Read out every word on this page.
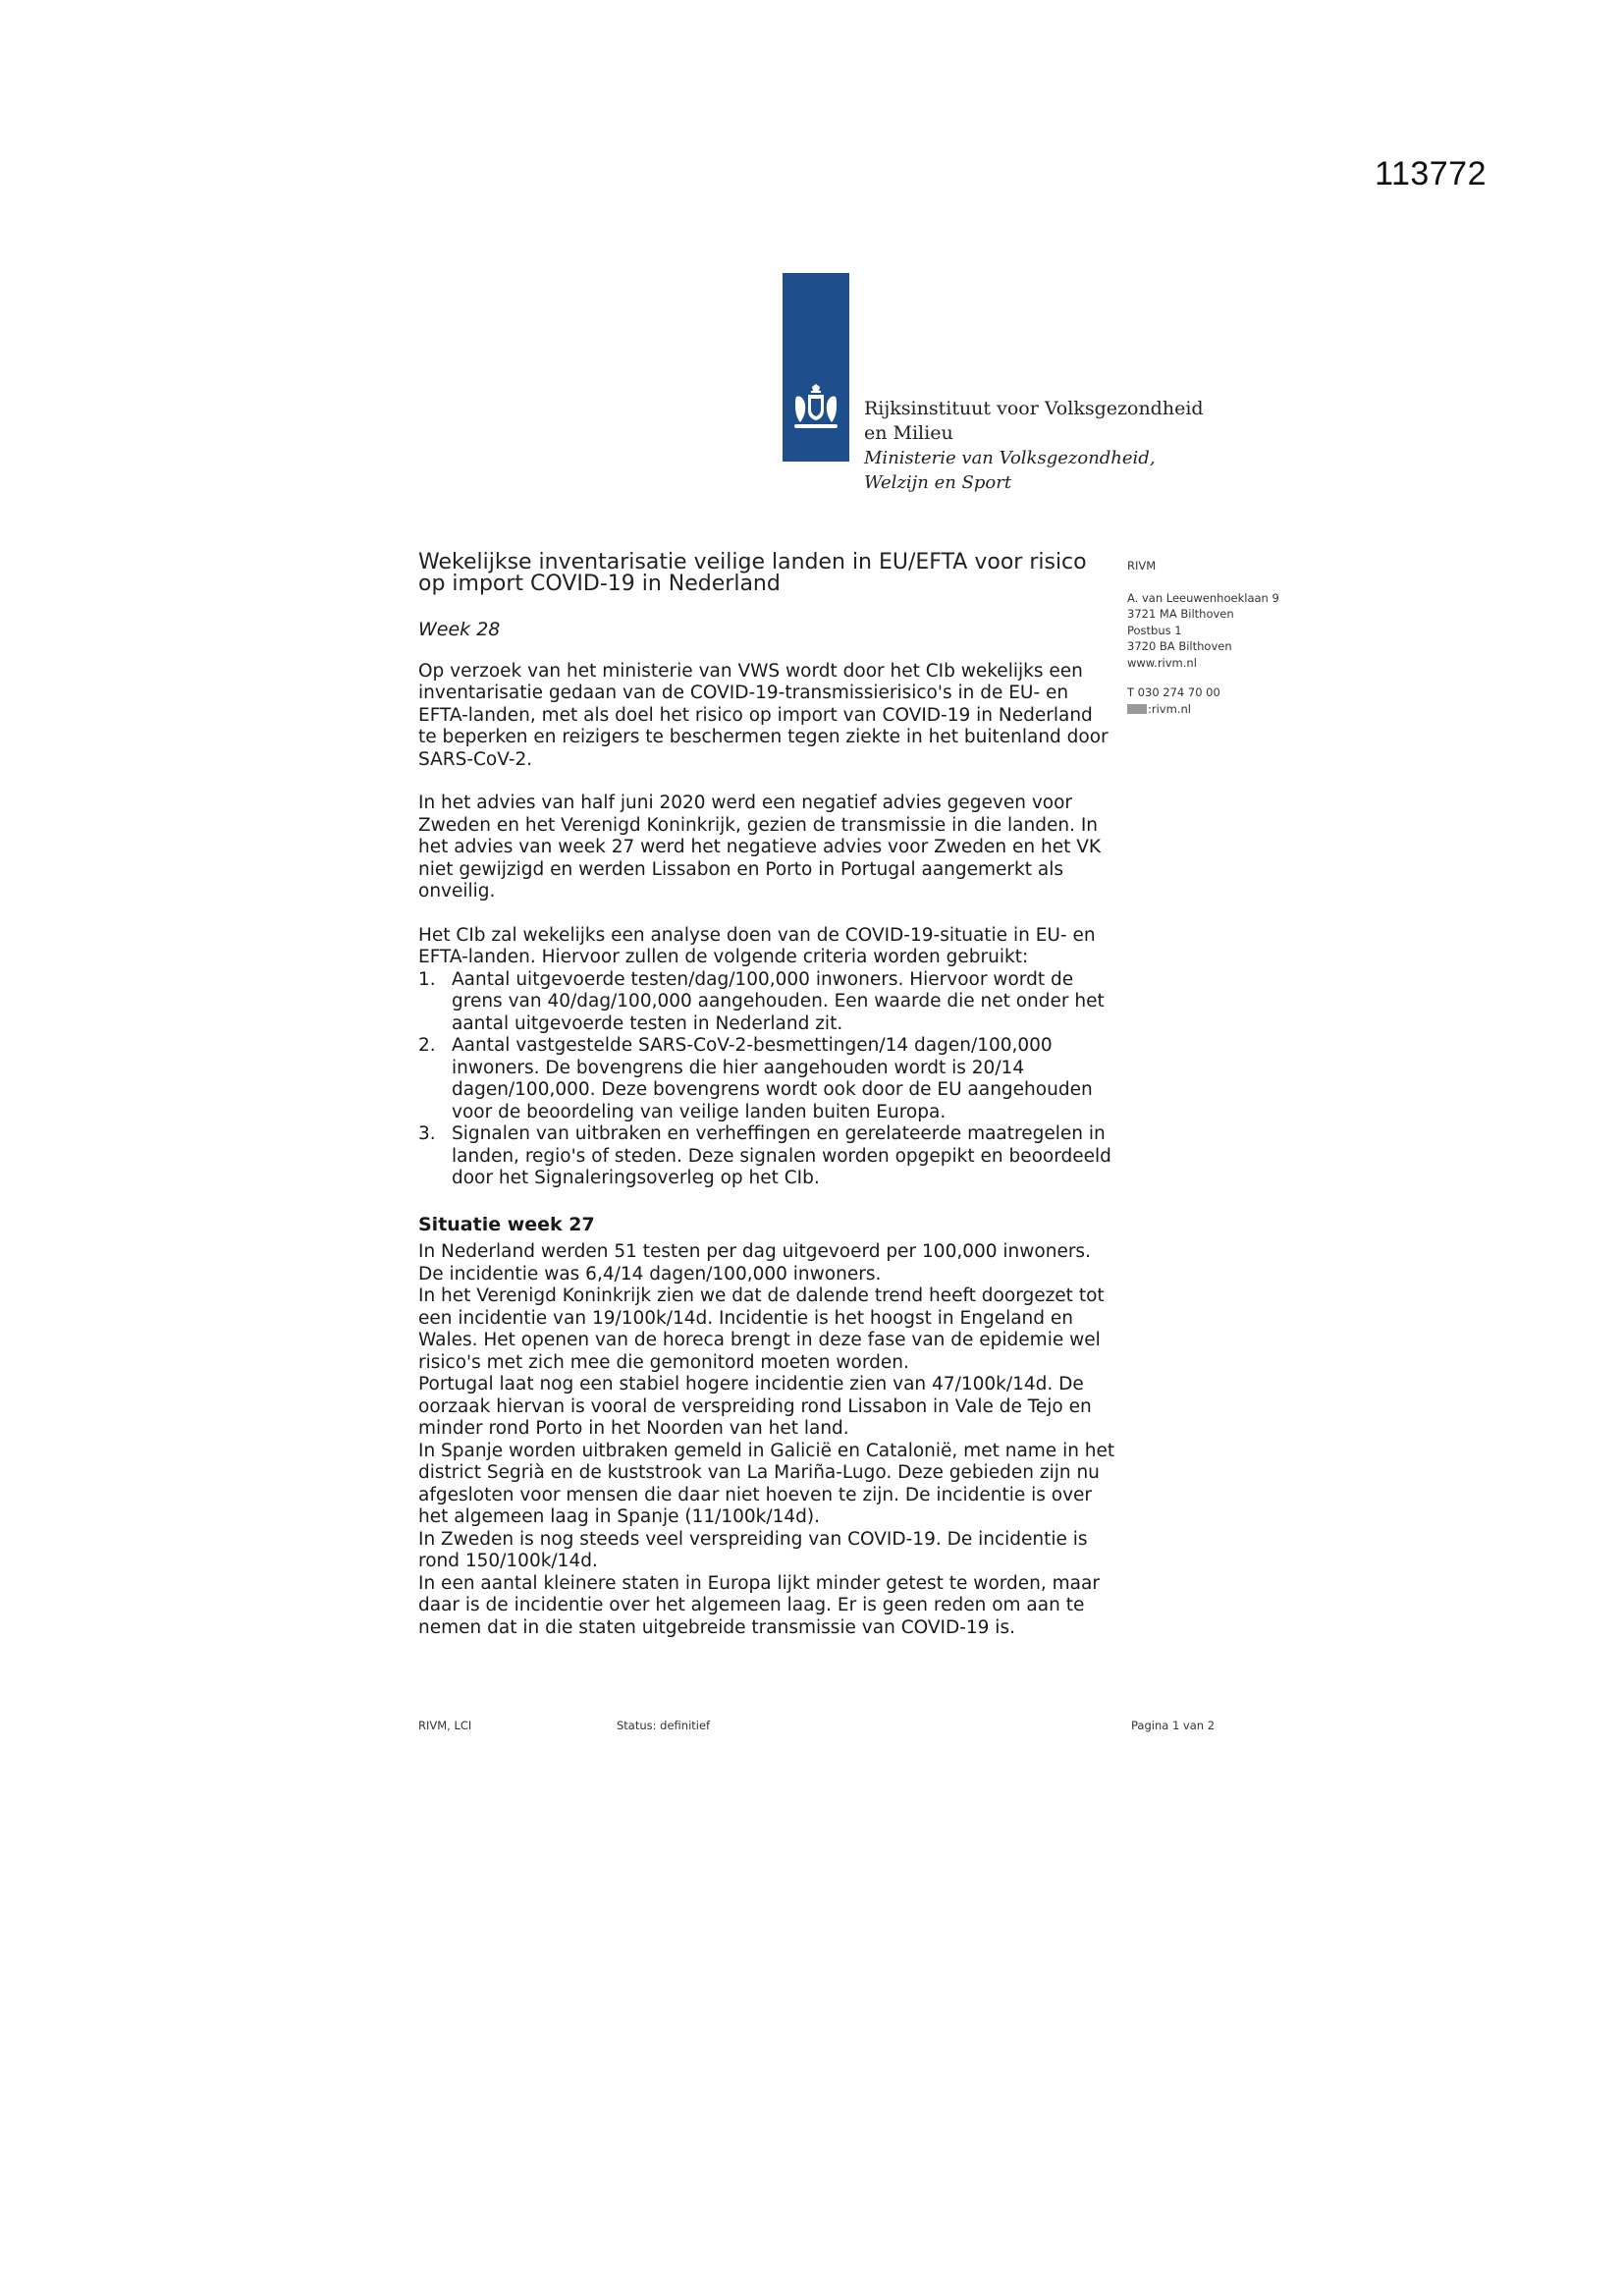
113772
Rijksinstituut voor Volksgezondheid
en Milieu
Ministerie van Volksgezondheid,
Welzijn en Sport
Wekelijkse inventarisatie veilige landen in EU/EFTA voor risico op import COVID-19 in Nederland
Week 28

Op verzoek van het ministerie van VWS wordt door het CIb wekelijks een inventarisatie gedaan van de COVID-19-transmissierisico's in de EU- en EFTA-landen, met als doel het risico op import van COVID-19 in Nederland te beperken en reizigers te beschermen tegen ziekte in het buitenland door SARS-CoV-2.

In het advies van half juni 2020 werd een negatief advies gegeven voor Zweden en het Verenigd Koninkrijk, gezien de transmissie in die landen. In het advies van week 27 werd het negatieve advies voor Zweden en het VK niet gewijzigd en werden Lissabon en Porto in Portugal aangemerkt als onveilig.

Het CIb zal wekelijks een analyse doen van de COVID-19-situatie in EU- en EFTA-landen. Hiervoor zullen de volgende criteria worden gebruikt:

1. Aantal uitgevoerde testen/dag/100,000 inwoners. Hiervoor wordt de grens van 40/dag/100,000 aangehouden. Een waarde die net onder het aantal uitgevoerde testen in Nederland zit.
2. Aantal vastgestelde SARS-CoV-2-besmettingen/14 dagen/100,000 inwoners. De bovengrens die hier aangehouden wordt is 20/14 dagen/100,000. Deze bovengrens wordt ook door de EU aangehouden voor de beoordeling van veilige landen buiten Europa.
3. Signalen van uitbraken en verheffingen en gerelateerde maatregelen in landen, regio's of steden. Deze signalen worden opgepikt en beoordeeld door het Signaleringsoverleg op het CIb.
Situatie week 27

In Nederland werden 51 testen per dag uitgevoerd per 100,000 inwoners. De incidentie was 6,4/14 dagen/100,000 inwoners.

In het Verenigd Koninkrijk zien we dat de dalende trend heeft doorgezet tot een incidentie van 19/100k/14d. Incidentie is het hoogst in Engeland en Wales. Het openen van de horeca brengt in deze fase van de epidemie wel risico's met zich mee die gemonitord moeten worden.

Portugal laat nog een stabiel hogere incidentie zien van 47/100k/14d. De oorzaak hiervan is vooral de verspreiding rond Lissabon in Vale de Tejo en minder rond Porto in het Noorden van het land.

In Spanje worden uitbraken gemeld in Galicië en Catalonië, met name in het district Segrià en de kuststrook van La Mariña-Lugo. Deze gebieden zijn nu afgesloten voor mensen die daar niet hoeven te zijn. De incidentie is over het algemeen laag in Spanje (11/100k/14d).

In Zweden is nog steeds veel verspreiding van COVID-19. De incidentie is rond 150/100k/14d.

In een aantal kleinere staten in Europa lijkt minder getest te worden, maar daar is de incidentie over het algemeen laag. Er is geen reden om aan te nemen dat in die staten uitgebreide transmissie van COVID-19 is.

RIVM
A. van Leeuwenhoeklaan 9
3721 MA Bilthoven
Postbus 1
3720 BA Bilthoven
www.rivm.nl
T 030 274 70 00
:rivm.nl
RIVM, LCI	Status: definitief	Pagina 1 van 2
